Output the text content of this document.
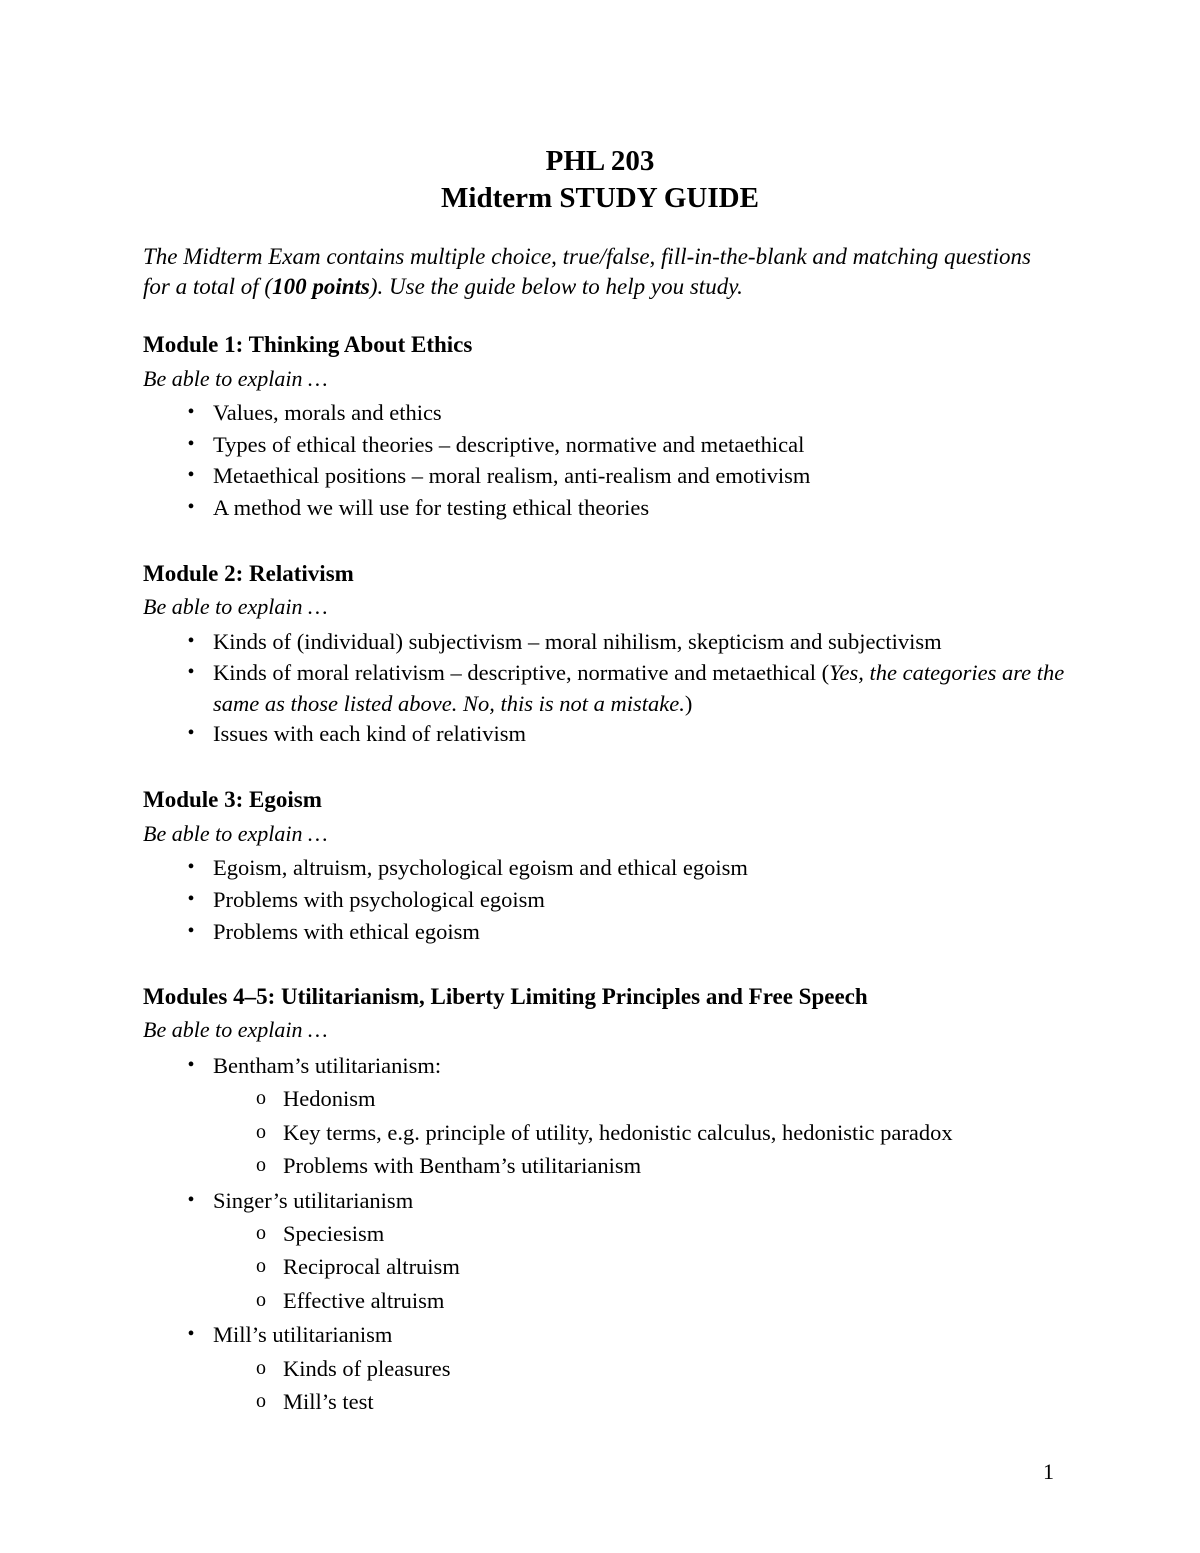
PHL 203
Midterm STUDY GUIDE
The Midterm Exam contains multiple choice, true/false, fill-in-the-blank and matching questions for a total of (100 points). Use the guide below to help you study.
Module 1: Thinking About Ethics
Be able to explain …
• Values, morals and ethics
• Types of ethical theories – descriptive, normative and metaethical
• Metaethical positions – moral realism, anti-realism and emotivism
• A method we will use for testing ethical theories
Module 2: Relativism
Be able to explain …
• Kinds of (individual) subjectivism – moral nihilism, skepticism and subjectivism
• Kinds of moral relativism – descriptive, normative and metaethical (Yes, the categories are the same as those listed above. No, this is not a mistake.)
• Issues with each kind of relativism
Module 3: Egoism
Be able to explain …
• Egoism, altruism, psychological egoism and ethical egoism
• Problems with psychological egoism
• Problems with ethical egoism
Modules 4–5: Utilitarianism, Liberty Limiting Principles and Free Speech
Be able to explain …
• Bentham’s utilitarianism:
o Hedonism
o Key terms, e.g. principle of utility, hedonistic calculus, hedonistic paradox
o Problems with Bentham’s utilitarianism
• Singer’s utilitarianism
o Speciesism
o Reciprocal altruism
o Effective altruism
• Mill’s utilitarianism
o Kinds of pleasures
o Mill’s test
1
